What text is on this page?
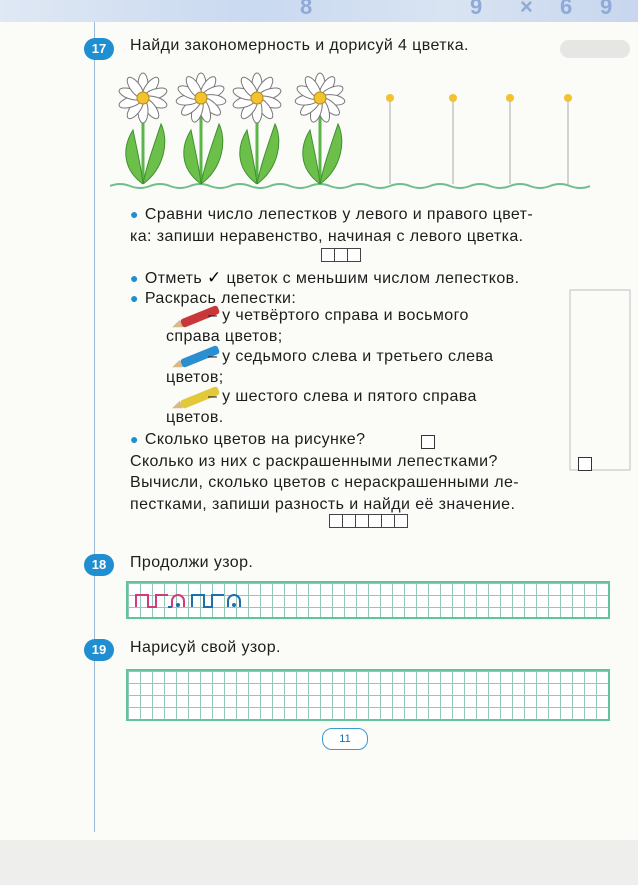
8	9 × 6 9
17	Найди закономерность и дорисуй 4 цветка.
● Сравни число лепестков у левого и правого цвет-
ка: запиши неравенство, начиная с левого цветка.
● Отметь ✓ цветок с меньшим числом лепестков.
● Раскрась лепестки:
– у четвёртого справа и восьмого
справа цветов;
– у седьмого слева и третьего слева
цветов;
– у шестого слева и пятого справа
цветов.
● Сколько цветов на рисунке?
Сколько из них с раскрашенными лепестками?
Вычисли, сколько цветов с нераскрашенными ле-
пестками, запиши разность и найди её значение.
18	Продолжи узор.
19	Нарисуй свой узор.
11
